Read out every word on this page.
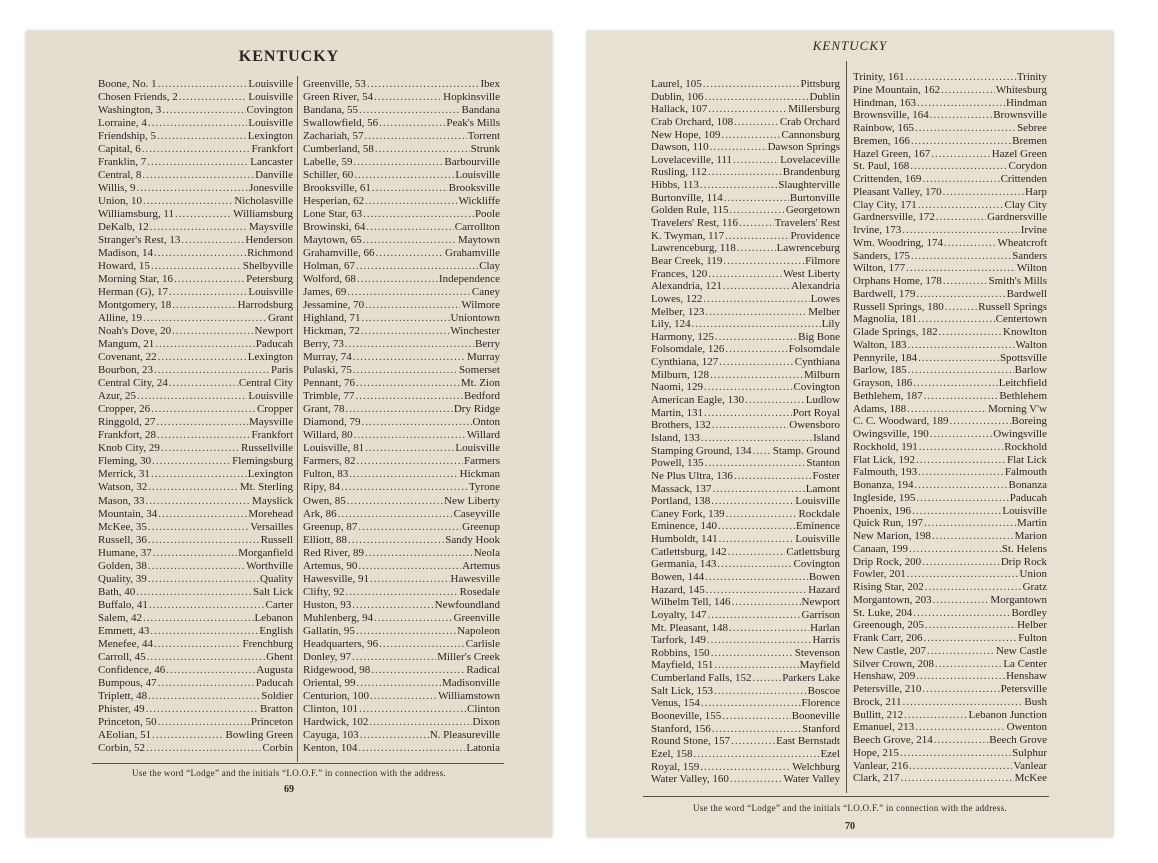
KENTUCKY
Boone, No. 1 .....	Louisville
Chosen Friends, 2 .....	Louisville
Washington, 3 .....	Covington
Lorraine, 4 .....	Louisville
Friendship, 5 .....	Lexington
Capital, 6 .....	Frankfort
Franklin, 7 .....	Lancaster
Central, 8 .....	Danville
Willis, 9 .....	Jonesville
Union, 10 .....	Nicholasville
Williamsburg, 11 .....	Williamsburg
DeKalb, 12 .....	Maysville
Stranger's Rest, 13 .....	Henderson
Madison, 14 .....	Richmond
Howard, 15 .....	Shelbyville
Morning Star, 16 .....	Petersburg
Herman (G), 17 .....	Louisville
Montgomery, 18 .....	Harrodsburg
Alline, 19 .....	Grant
Noah's Dove, 20 .....	Newport
Mangum, 21 .....	Paducah
Covenant, 22 .....	Lexington
Bourbon, 23 .....	Paris
Central City, 24 .....	Central City
Azur, 25 .....	Louisville
Cropper, 26 .....	Cropper
Ringgold, 27 .....	Maysville
Frankfort, 28 .....	Frankfort
Knob City, 29 .....	Russellville
Fleming, 30 .....	Flemingsburg
Merrick, 31 .....	Lexington
Watson, 32 .....	Mt. Sterling
Mason, 33 .....	Mayslick
Mountain, 34 .....	Morehead
McKee, 35 .....	Versailles
Russell, 36 .....	Russell
Humane, 37 .....	Morganfield
Golden, 38 .....	Worthville
Quality, 39 .....	Quality
Bath, 40 .....	Salt Lick
Buffalo, 41 .....	Carter
Salem, 42 .....	Lebanon
Emmett, 43 .....	English
Menefee, 44 .....	Frenchburg
Carroll, 45 .....	Ghent
Confidence, 46 .....	Augusta
Bumpous, 47 .....	Paducah
Triplett, 48 .....	Soldier
Phister, 49 .....	Bratton
Princeton, 50 .....	Princeton
AEolian, 51 .....	Bowling Green
Corbin, 52 .....	Corbin
Greenville, 53 .....	Ibex
Green River, 54 .....	Hopkinsville
Bandana, 55 .....	Bandana
Swallowfield, 56 .....	Peak's Mills
Zachariah, 57 .....	Torrent
Cumberland, 58 .....	Strunk
Labelle, 59 .....	Barbourville
Schiller, 60 .....	Louisville
Brooksville, 61 .....	Brooksville
Hesperian, 62 .....	Wickliffe
Lone Star, 63 .....	Poole
Browinski, 64 .....	Carrollton
Maytown, 65 .....	Maytown
Grahamville, 66 .....	Grahamville
Holman, 67 .....	Clay
Wolford, 68 .....	Independence
James, 69 .....	Caney
Jessamine, 70 .....	Wilmore
Highland, 71 .....	Uniontown
Hickman, 72 .....	Winchester
Berry, 73 .....	Berry
Murray, 74 .....	Murray
Pulaski, 75 .....	Somerset
Pennant, 76 .....	Mt. Zion
Trimble, 77 .....	Bedford
Grant, 78 .....	Dry Ridge
Diamond, 79 .....	Onton
Willard, 80 .....	Willard
Louisville, 81 .....	Louisville
Farmers, 82 .....	Farmers
Fulton, 83 .....	Hickman
Ripy, 84 .....	Tyrone
Owen, 85 .....	New Liberty
Ark, 86 .....	Caseyville
Greenup, 87 .....	Greenup
Elliott, 88 .....	Sandy Hook
Red River, 89 .....	Neola
Artemus, 90 .....	Artemus
Hawesville, 91 .....	Hawesville
Clifty, 92 .....	Rosedale
Huston, 93 .....	Newfoundland
Muhlenberg, 94 .....	Greenville
Gallatin, 95 .....	Napoleon
Headquarters, 96 .....	Carlisle
Donley, 97 .....	Miller's Creek
Ridgewood, 98 .....	Radical
Oriental, 99 .....	Madisonville
Centurion, 100 .....	Williamstown
Clinton, 101 .....	Clinton
Hardwick, 102 .....	Dixon
Cayuga, 103 .....	N. Pleasureville
Kenton, 104 .....	Latonia
Use the word “Lodge” and the initials “I.O.O.F.” in connection with the address.
69
KENTUCKY
Laurel, 105 .....	Pittsburg
Dublin, 106 .....	Dublin
Hallack, 107 .....	Millersburg
Crab Orchard, 108 .....	Crab Orchard
New Hope, 109 .....	Cannonsburg
Dawson, 110 .....	Dawson Springs
Lovelaceville, 111 .....	Lovelaceville
Rusling, 112 .....	Brandenburg
Hibbs, 113 .....	Slaughterville
Burtonville, 114 .....	Burtonville
Golden Rule, 115 .....	Georgetown
Travelers' Rest, 116 .....	Travelers' Rest
K. Twyman, 117 .....	Providence
Lawrenceburg, 118 .....	Lawrenceburg
Bear Creek, 119 .....	Filmore
Frances, 120 .....	West Liberty
Alexandria, 121 .....	Alexandria
Lowes, 122 .....	Lowes
Melber, 123 .....	Melber
Lily, 124 .....	Lily
Harmony, 125 .....	Big Bone
Folsomdale, 126 .....	Folsomdale
Cynthiana, 127 .....	Cynthiana
Milburn, 128 .....	Milburn
Naomi, 129 .....	Covington
American Eagle, 130 .....	Ludlow
Martin, 131 .....	Port Royal
Brothers, 132 .....	Owensboro
Island, 133 .....	Island
Stamping Ground, 134 ..... Stamp. Ground
Powell, 135 .....	Stanton
Ne Plus Ultra, 136 .....	Foster
Massack, 137 .....	Lamont
Portland, 138 .....	Louisville
Caney Fork, 139 .....	Rockdale
Eminence, 140 .....	Eminence
Humboldt, 141 .....	Louisville
Catlettsburg, 142 .....	Catlettsburg
Germania, 143 .....	Covington
Bowen, 144 .....	Bowen
Hazard, 145 .....	Hazard
Wilhelm Tell, 146 .....	Newport
Loyalty, 147 .....	Garrison
Mt. Pleasant, 148 .....	Harlan
Tarfork, 149 .....	Harris
Robbins, 150 .....	Stevenson
Mayfield, 151 .....	Mayfield
Cumberland Falls, 152 .....	Parkers Lake
Salt Lick, 153 .....	Boscoe
Venus, 154 .....	Florence
Booneville, 155 .....	Booneville
Stanford, 156 .....	Stanford
Round Stone, 157 .....	East Bernstadt
Ezel, 158 .....	Ezel
Royal, 159 .....	Welchburg
Water Valley, 160 .....	Water Valley
Trinity, 161 .....	Trinity
Pine Mountain, 162 .....	Whitesburg
Hindman, 163 .....	Hindman
Brownsville, 164 .....	Brownsville
Rainbow, 165 .....	Sebree
Bremen, 166 .....	Bremen
Hazel Green, 167 .....	Hazel Green
St. Paul, 168 .....	Corydon
Crittenden, 169 .....	Crittenden
Pleasant Valley, 170 .....	Harp
Clay City, 171 .....	Clay City
Gardnersville, 172 .....	Gardnersville
Irvine, 173 .....	Irvine
Wm. Woodring, 174 .....	Wheatcroft
Sanders, 175 .....	Sanders
Wilton, 177 .....	Wilton
Orphans Home, 178 .....	Smith's Mills
Bardwell, 179 .....	Bardwell
Russell Springs, 180 .....	Russell Springs
Magnolia, 181 .....	Centertown
Glade Springs, 182 .....	Knowlton
Walton, 183 .....	Walton
Pennyrile, 184 .....	Spottsville
Barlow, 185 .....	Barlow
Grayson, 186 .....	Leitchfield
Bethlehem, 187 .....	Bethlehem
Adams, 188 .....	Morning V'w
C. C. Woodward, 189 .....	Boreing
Owingsville, 190 .....	Owingsville
Rockhold, 191 .....	Rockhold
Flat Lick, 192 .....	Flat Lick
Falmouth, 193 .....	Falmouth
Bonanza, 194 .....	Bonanza
Ingleside, 195 .....	Paducah
Phoenix, 196 .....	Louisville
Quick Run, 197 .....	Martin
New Marion, 198 .....	Marion
Canaan, 199 .....	St. Helens
Drip Rock, 200 .....	Drip Rock
Fowler, 201 .....	Union
Rising Star, 202 .....	Gratz
Morgantown, 203 .....	Morgantown
St. Luke, 204 .....	Bordley
Greenough, 205 .....	Helber
Frank Carr, 206 .....	Fulton
New Castle, 207 .....	New Castle
Silver Crown, 208 .....	La Center
Henshaw, 209 .....	Henshaw
Petersville, 210 .....	Petersville
Brock, 211 .....	Bush
Bullitt, 212 .....	Lebanon Junction
Emanuel, 213 .....	Owenton
Beech Grove, 214 .....	Beech Grove
Hope, 215 .....	Sulphur
Vanlear, 216 .....	Vanlear
Clark, 217 .....	McKee
Use the word “Lodge” and the initials “I.O.O.F.” in connection with the address.
70
